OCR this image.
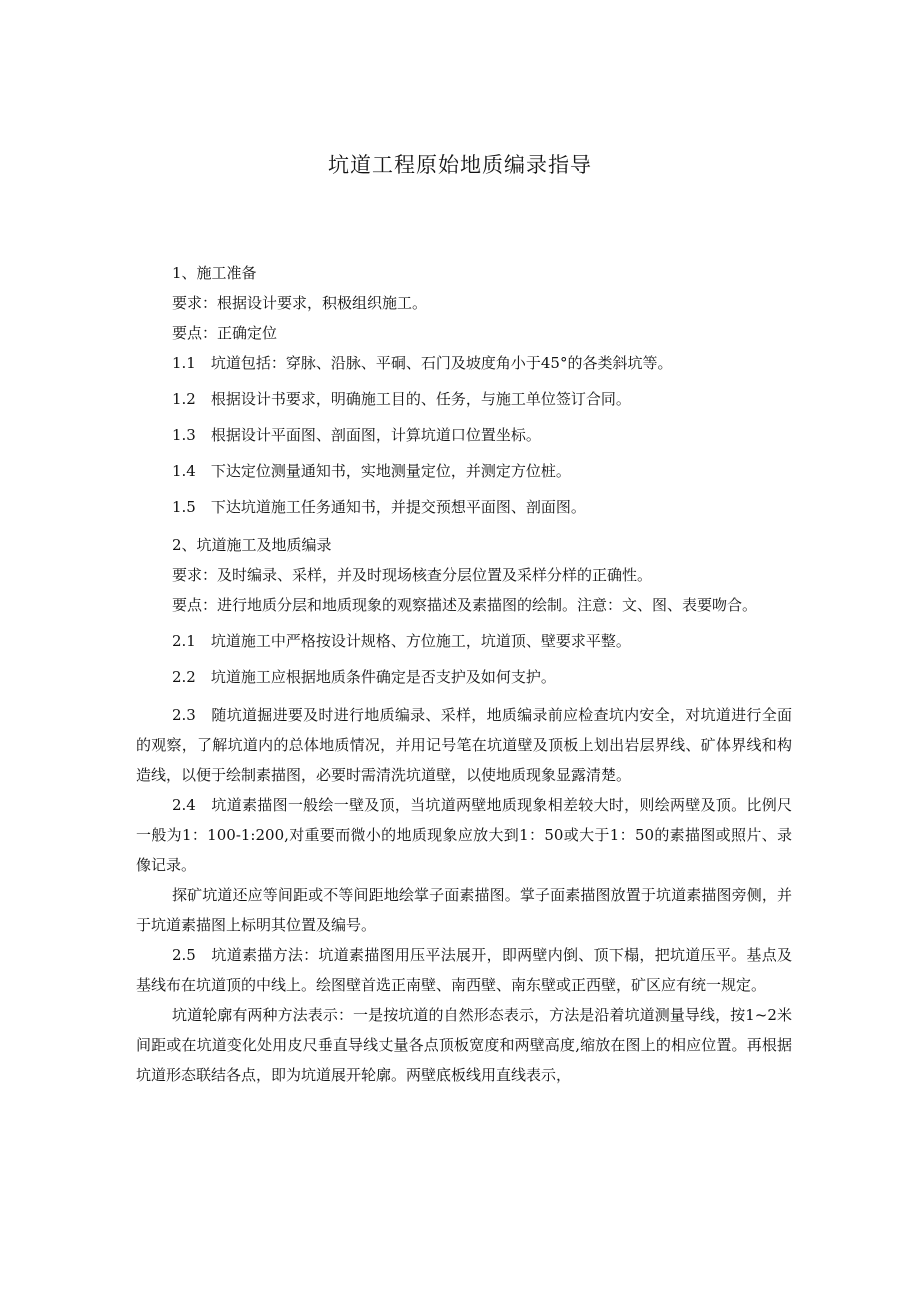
坑道工程原始地质编录指导

1、施工准备

要求：根据设计要求，积极组织施工。

要点：正确定位

1.1　坑道包括：穿脉、沿脉、平硐、石门及坡度角小于45°的各类斜坑等。

1.2　根据设计书要求，明确施工目的、任务，与施工单位签订合同。

1.3　根据设计平面图、剖面图，计算坑道口位置坐标。

1.4　下达定位测量通知书，实地测量定位，并测定方位桩。

1.5　下达坑道施工任务通知书，并提交预想平面图、剖面图。

2、坑道施工及地质编录

要求：及时编录、采样，并及时现场核查分层位置及采样分样的正确性。

要点：进行地质分层和地质现象的观察描述及素描图的绘制。注意：文、图、表要吻合。

2.1　坑道施工中严格按设计规格、方位施工，坑道顶、壁要求平整。

2.2　坑道施工应根据地质条件确定是否支护及如何支护。

2.3　随坑道掘进要及时进行地质编录、采样，地质编录前应检查坑内安全，对坑道进行全面的观察，了解坑道内的总体地质情况，并用记号笔在坑道壁及顶板上划出岩层界线、矿体界线和构造线，以便于绘制素描图，必要时需清洗坑道壁，以使地质现象显露清楚。

2.4　坑道素描图一般绘一壁及顶，当坑道两壁地质现象相差较大时，则绘两壁及顶。比例尺一般为1：100-1:200,对重要而微小的地质现象应放大到1：50或大于1：50的素描图或照片、录像记录。

探矿坑道还应等间距或不等间距地绘掌子面素描图。掌子面素描图放置于坑道素描图旁侧，并于坑道素描图上标明其位置及编号。

2.5　坑道素描方法：坑道素描图用压平法展开，即两壁内倒、顶下榻，把坑道压平。基点及基线布在坑道顶的中线上。绘图壁首选正南壁、南西壁、南东壁或正西壁，矿区应有统一规定。

坑道轮廓有两种方法表示：一是按坑道的自然形态表示，方法是沿着坑道测量导线，按1~2米间距或在坑道变化处用皮尺垂直导线丈量各点顶板宽度和两壁高度,缩放在图上的相应位置。再根据坑道形态联结各点，即为坑道展开轮廓。两壁底板线用直线表示，
